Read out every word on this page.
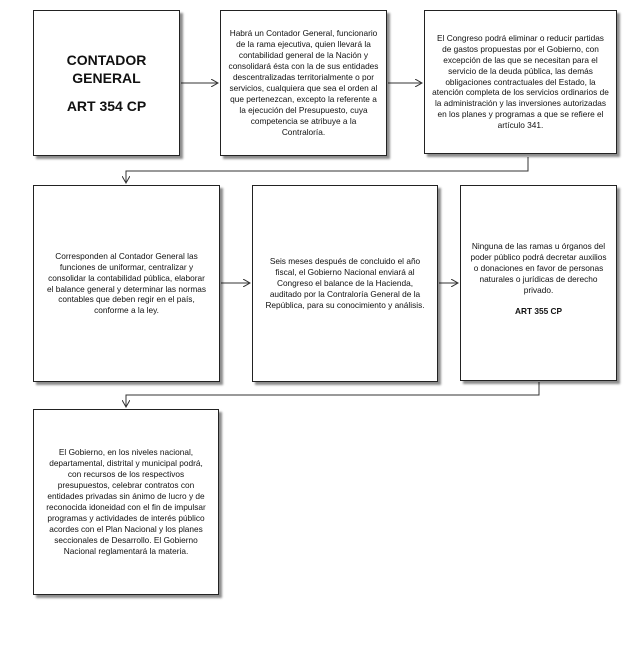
CONTADOR
GENERAL
ART 354 CP
Habrá un Contador General, funcionario de la rama ejecutiva, quien llevará la contabilidad general de la Nación y consolidará ésta con la de sus entidades descentralizadas territorialmente o por servicios, cualquiera que sea el orden al que pertenezcan, excepto la referente a la ejecución del Presupuesto, cuya competencia se atribuye a la Contraloría.
El Congreso podrá eliminar o reducir partidas de gastos propuestas por el Gobierno, con excepción de las que se necesitan para el servicio de la deuda pública, las demás obligaciones contractuales del Estado, la atención completa de los servicios ordinarios de la administración y las inversiones autorizadas en los planes y programas a que se refiere el artículo 341.
Corresponden al Contador General las funciones de uniformar, centralizar y consolidar la contabilidad pública, elaborar el balance general y determinar las normas contables que deben regir en el país, conforme a la ley.
Seis meses después de concluido el año fiscal, el Gobierno Nacional enviará al Congreso el balance de la Hacienda, auditado por la Contraloría General de la República, para su conocimiento y análisis.
Ninguna de las ramas u órganos del poder público podrá decretar auxilios o donaciones en favor de personas naturales o jurídicas de derecho privado.
ART 355 CP
El Gobierno, en los niveles nacional, departamental, distrital y municipal podrá, con recursos de los respectivos presupuestos, celebrar contratos con entidades privadas sin ánimo de lucro y de reconocida idoneidad con el fin de impulsar programas y actividades de interés público acordes con el Plan Nacional y los planes seccionales de Desarrollo. El Gobierno Nacional reglamentará la materia.
